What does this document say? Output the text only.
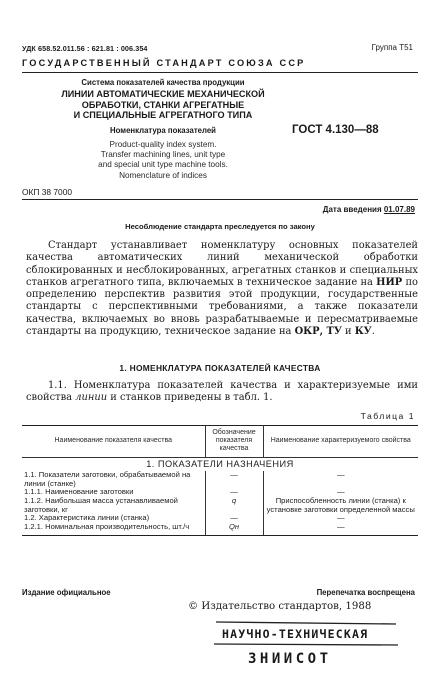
УДК 658.52.011.56 : 621.81 : 006.354	Группа Т51
ГОСУДАРСТВЕННЫЙ СТАНДАРТ СОЮЗА ССР
Система показателей качества продукции
ЛИНИИ АВТОМАТИЧЕСКИЕ МЕХАНИЧЕСКОЙ
ОБРАБОТКИ, СТАНКИ АГРЕГАТНЫЕ
И СПЕЦИАЛЬНЫЕ АГРЕГАТНОГО ТИПА
Номенклатура показателей	ГОСТ 4.130—88
Product-quality index system.
Transfer machining lines, unit type
and special unit type machine tools.
Nomenclature of indices
ОКП 38 7000
Дата введения 01.07.89
Несоблюдение стандарта преследуется по закону
Стандарт устанавливает номенклатуру основных показателей качества автоматических линий механической обработки сблокированных и несблокированных, агрегатных станков и специальных станков агрегатного типа, включаемых в техническое задание на НИР по определению перспектив развития этой продукции, государственные стандарты с перспективными требованиями, а также показатели качества, включаемых во вновь разрабатываемые и пересматриваемые стандарты на продукцию, техническое задание на ОКР, ТУ и КУ.
1. НОМЕНКЛАТУРА ПОКАЗАТЕЛЕЙ КАЧЕСТВА
1.1. Номенклатура показателей качества и характеризуемые ими свойства линии и станков приведены в табл. 1.
Таблица 1
Наименование показателя качества	Обозначение показателя качества	Наименование характеризуемого свойства
1. ПОКАЗАТЕЛИ НАЗНАЧЕНИЯ		
1.1. Показатели заготовки, обрабатываемой на линии (станке)	—	—
1.1.1. Наименование заготовки	—	—
1.1.2. Наибольшая масса устанавливаемой заготовки, кг	q	Приспособленность линии (станка) к установке заготовки определенной массы
1.2. Характеристика линии (станка)	—	—
1.2.1. Номинальная производительность, шт./ч	Qн	—
Издание официальное	Перепечатка воспрещена
© Издательство стандартов, 1988
НАУЧНО-ТЕХНИЧЕСКАЯ
ЗНИИСОТ
